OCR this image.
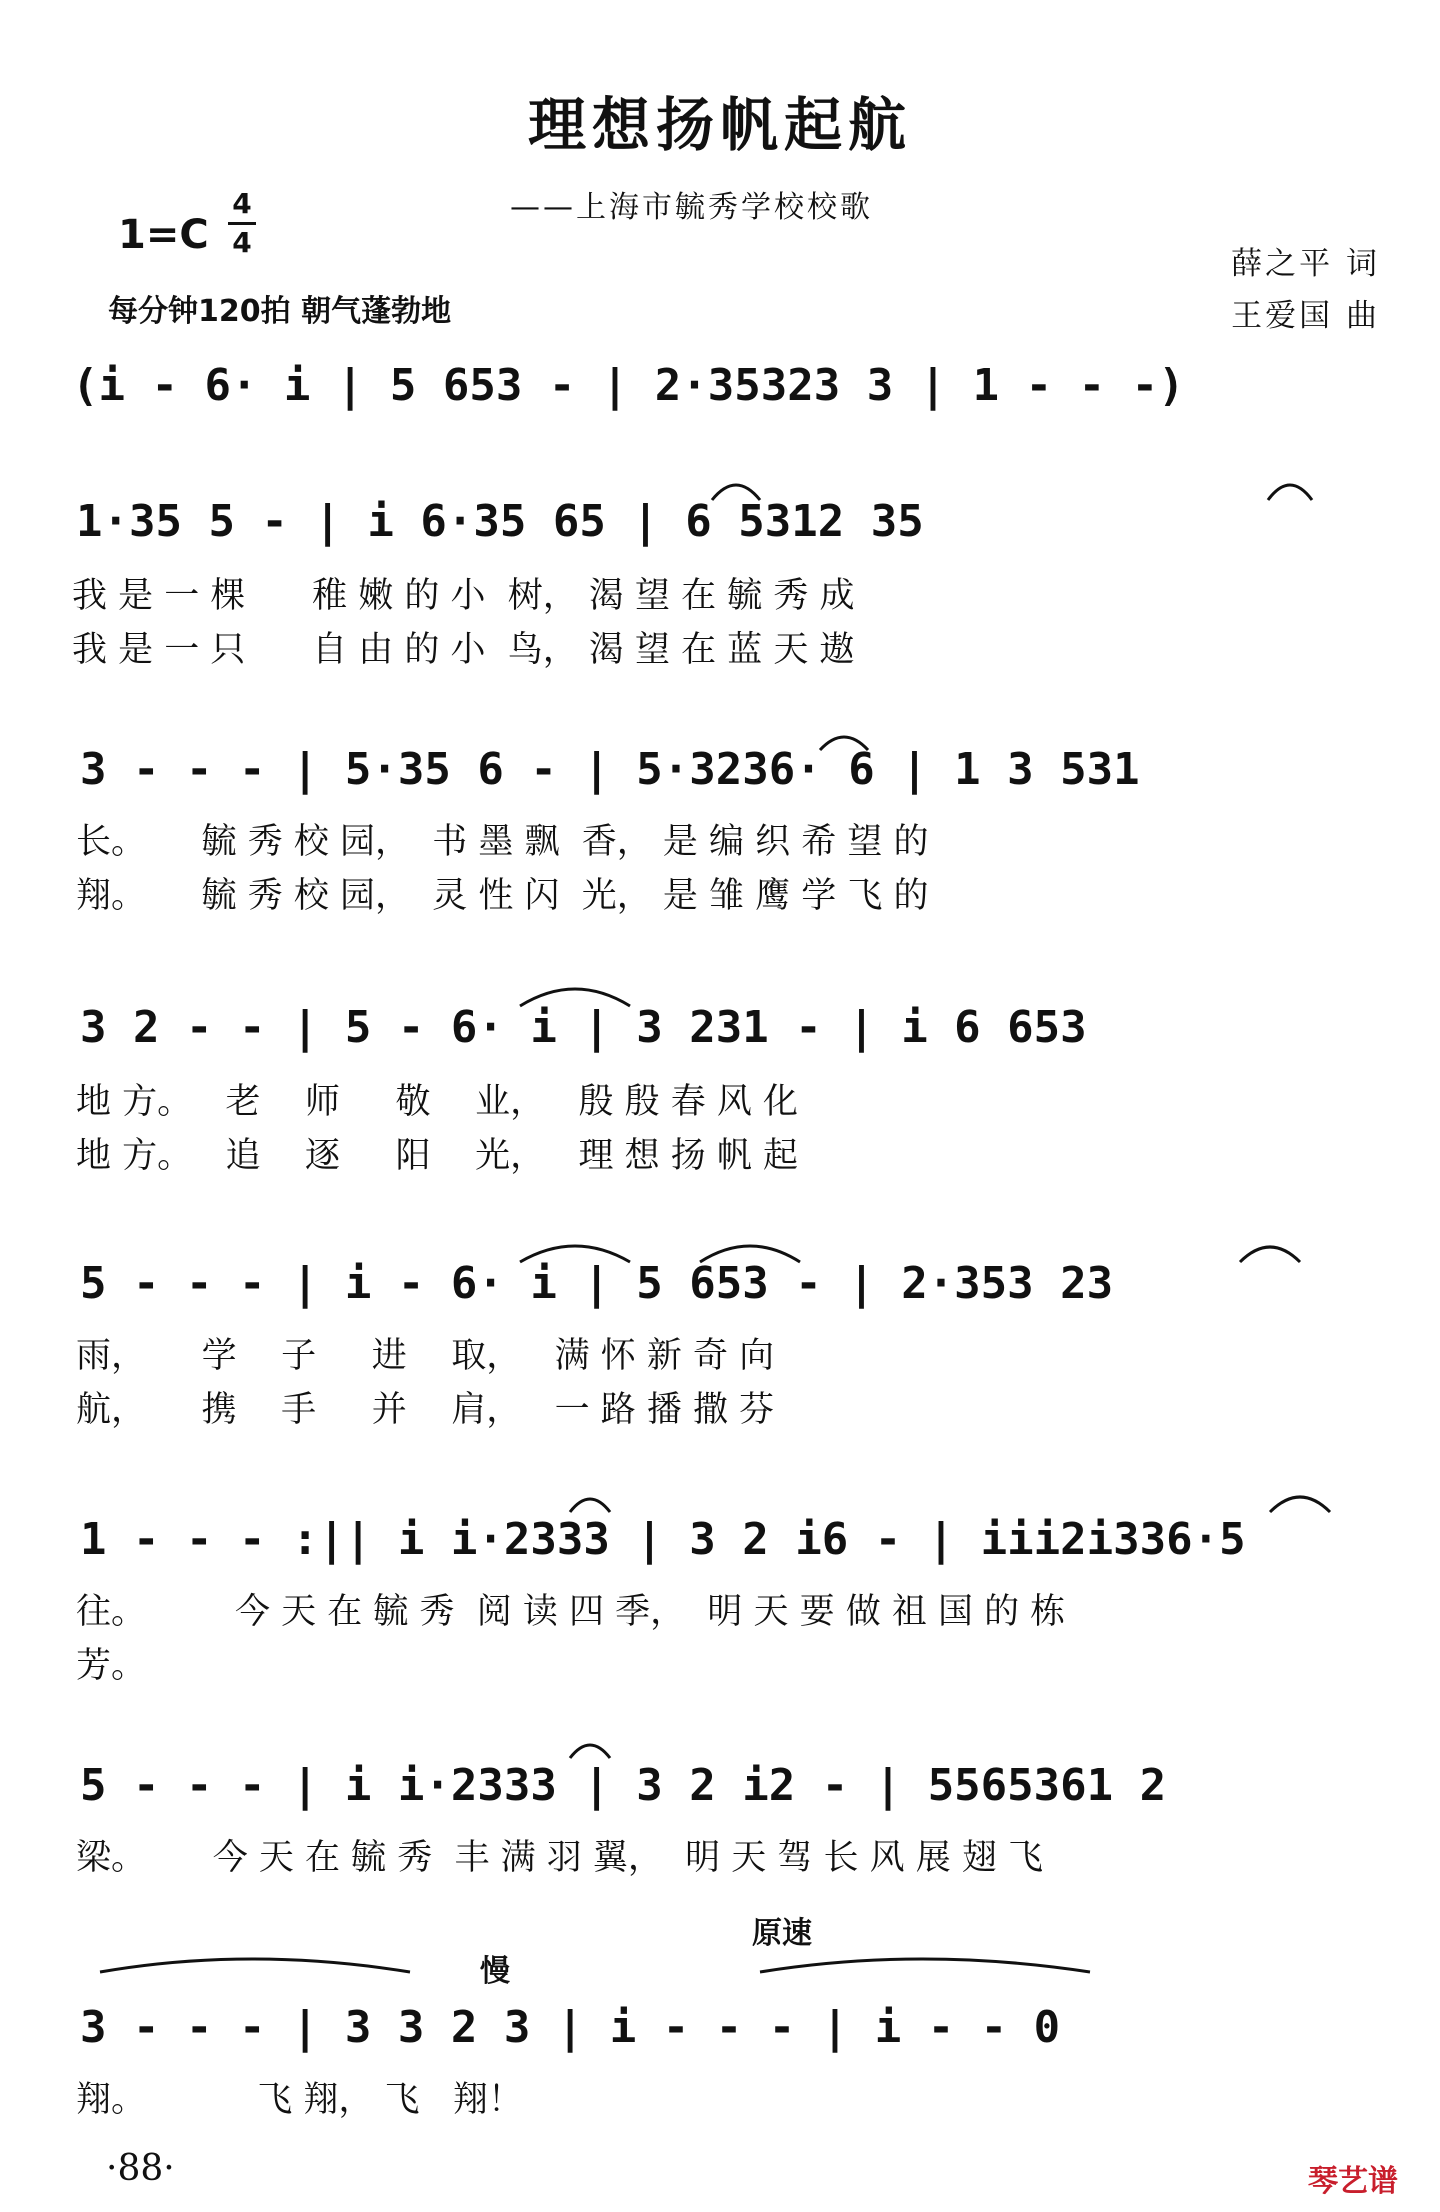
理想扬帆起航
——上海市毓秀学校校歌
1=C
4
4
每分钟120拍 朝气蓬勃地
薛之平 词
王爱国 曲
(i - 6· i | 5 653 - | 2·35323 3 | 1 - - -)
1·35 5 - | i 6·35 65 | 6 5312 35
我 是 一 棵      稚 嫩 的 小  树， 渴 望 在 毓 秀 成
我 是 一 只      自 由 的 小  鸟， 渴 望 在 蓝 天 遨
3 - - - | 5·35 6 - | 5·3236· 6 | 1 3 531
长。     毓 秀 校 园，  书 墨 飘  香， 是 编 织 希 望 的
翔。     毓 秀 校 园，  灵 性 闪  光， 是 雏 鹰 学 飞 的
3 2 - - | 5 - 6· i | 3 231 - | i 6 653
地 方。   老    师     敬    业，   殷 殷 春 风 化
地 方。   追    逐     阳    光，   理 想 扬 帆 起
5 - - - | i - 6· i | 5 653 - | 2·353 23
雨，     学    子     进    取，   满 怀 新 奇 向
航，     携    手     并    肩，   一 路 播 撒 芬
1 - - - :|| i i·2333 | 3 2 i6 - | iii2i336·5
往。        今 天 在 毓 秀  阅 读 四 季，  明 天 要 做 祖 国 的 栋
芳。
5 - - - | i i·2333 | 3 2 i2 - | 5565361 2
梁。      今 天 在 毓 秀  丰 满 羽 翼，  明 天 驾 长 风 展 翅 飞
慢
原速
3 - - - | 3 3 2 3 | i - - - | i - - 0
翔。          飞 翔， 飞   翔！
·88·	琴艺谱
